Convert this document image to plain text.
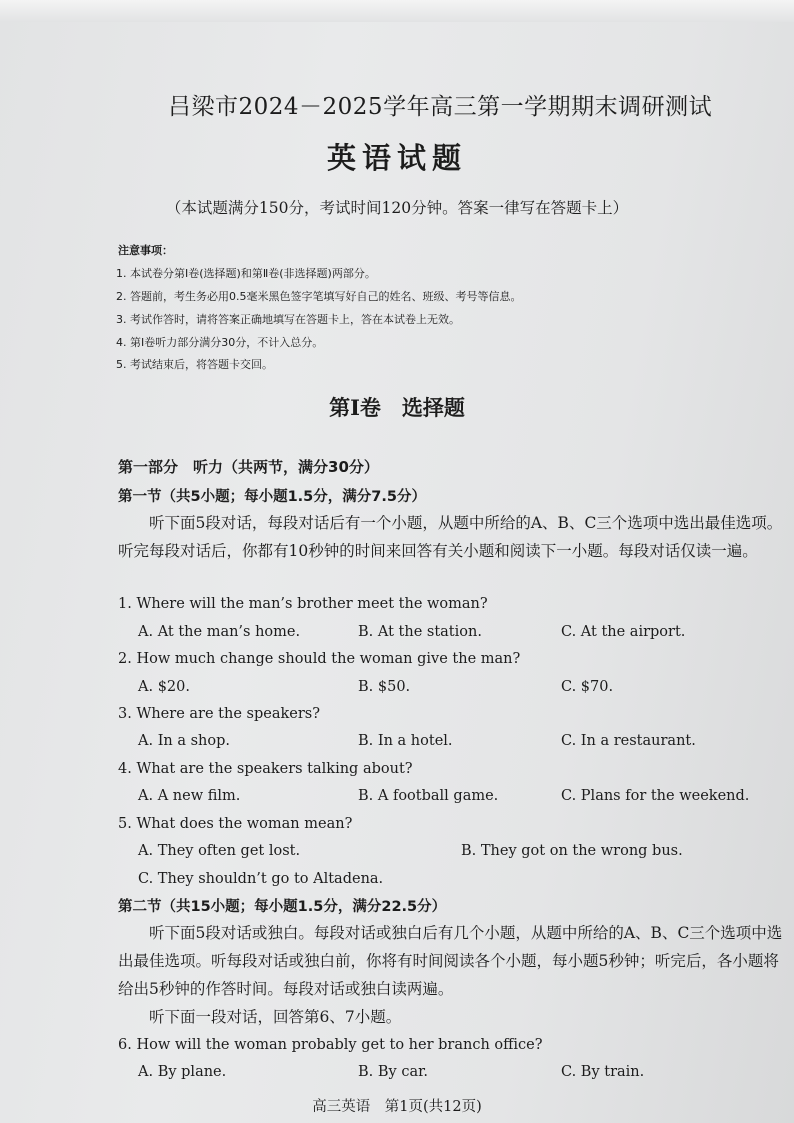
吕梁市2024－2025学年高三第一学期期末调研测试
英语试题
（本试题满分150分，考试时间120分钟。答案一律写在答题卡上）
注意事项：
1. 本试卷分第Ⅰ卷(选择题)和第Ⅱ卷(非选择题)两部分。
2. 答题前，考生务必用0.5毫米黑色签字笔填写好自己的姓名、班级、考号等信息。
3. 考试作答时，请将答案正确地填写在答题卡上，答在本试卷上无效。
4. 第Ⅰ卷听力部分满分30分，不计入总分。
5. 考试结束后，将答题卡交回。
第Ⅰ卷　选择题
第一部分　听力（共两节，满分30分）
第一节（共5小题；每小题1.5分，满分7.5分）
听下面5段对话，每段对话后有一个小题，从题中所给的A、B、C三个选项中选出最佳选项。听完每段对话后，你都有10秒钟的时间来回答有关小题和阅读下一小题。每段对话仅读一遍。
1. Where will the man’s brother meet the woman?
A. At the man’s home.	B. At the station.	C. At the airport.
2. How much change should the woman give the man?
A. $20.	B. $50.	C. $70.
3. Where are the speakers?
A. In a shop.	B. In a hotel.	C. In a restaurant.
4. What are the speakers talking about?
A. A new film.	B. A football game.	C. Plans for the weekend.
5. What does the woman mean?
A. They often get lost.	B. They got on the wrong bus.
C. They shouldn’t go to Altadena.
第二节（共15小题；每小题1.5分，满分22.5分）
听下面5段对话或独白。每段对话或独白后有几个小题，从题中所给的A、B、C三个选项中选出最佳选项。听每段对话或独白前，你将有时间阅读各个小题，每小题5秒钟；听完后，各小题将给出5秒钟的作答时间。每段对话或独白读两遍。
听下面一段对话，回答第6、7小题。
6. How will the woman probably get to her branch office?
A. By plane.	B. By car.	C. By train.
高三英语　第1页(共12页)
